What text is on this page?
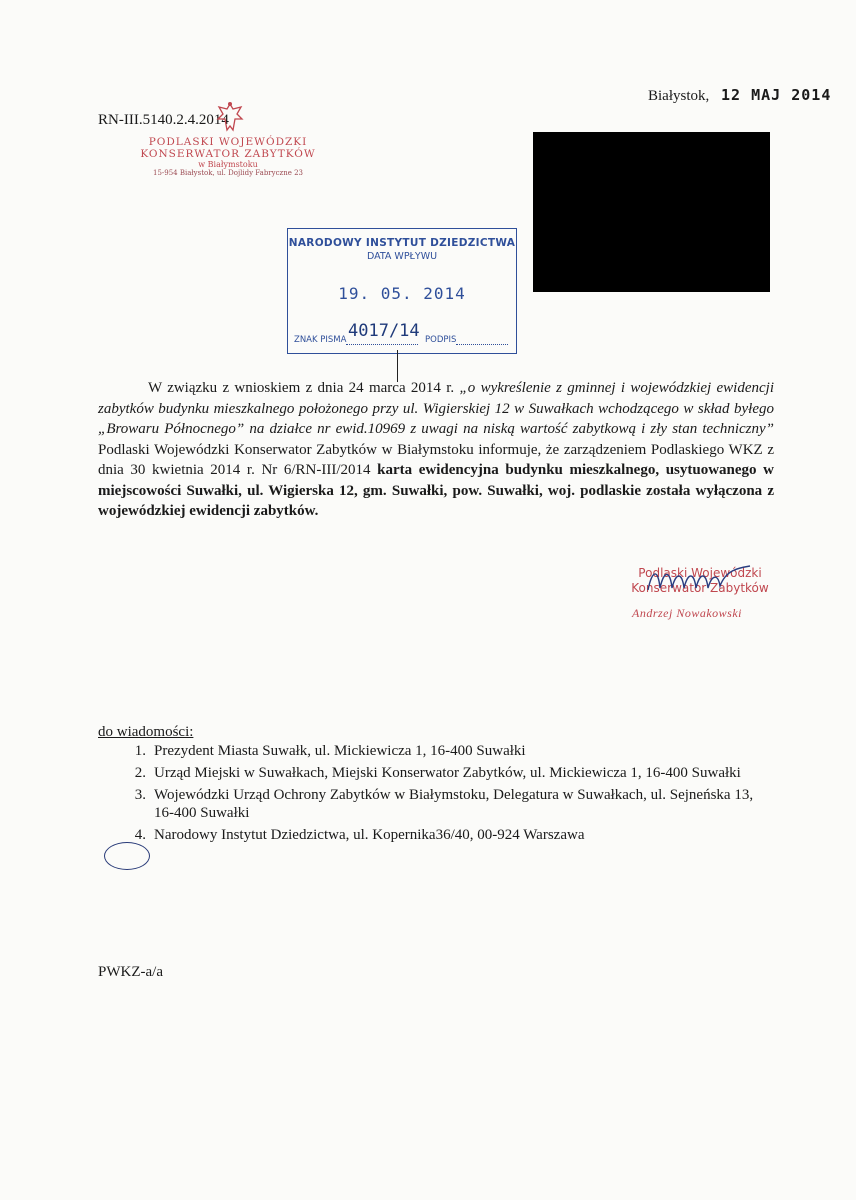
Białystok, 12 MAJ 2014
RN-III.5140.2.4.2014
PODLASKI WOJEWÓDZKI
KONSERWATOR ZABYTKÓW
w Białymstoku
15-954 Białystok, ul. Dojlidy Fabryczne 23
NARODOWY INSTYTUT DZIEDZICTWA
DATA WPŁYWU
19. 05. 2014
ZNAK PISMA 4017/14 PODPIS
W związku z wnioskiem z dnia 24 marca 2014 r. „o wykreślenie z gminnej i wojewódzkiej ewidencji zabytków budynku mieszkalnego położonego przy ul. Wigierskiej 12 w Suwałkach wchodzącego w skład byłego „Browaru Północnego” na działce nr ewid.10969 z uwagi na niską wartość zabytkową i zły stan techniczny” Podlaski Wojewódzki Konserwator Zabytków w Białymstoku informuje, że zarządzeniem Podlaskiego WKZ z dnia 30 kwietnia 2014 r. Nr 6/RN-III/2014 karta ewidencyjna budynku mieszkalnego, usytuowanego w miejscowości Suwałki, ul. Wigierska 12, gm. Suwałki, pow. Suwałki, woj. podlaskie została wyłączona z wojewódzkiej ewidencji zabytków.
Podlaski Wojewódzki
Konserwator Zabytków
Andrzej Nowakowski
do wiadomości:
1. Prezydent Miasta Suwałk, ul. Mickiewicza 1, 16-400 Suwałki
2. Urząd Miejski w Suwałkach, Miejski Konserwator Zabytków, ul. Mickiewicza 1, 16-400 Suwałki
3. Wojewódzki Urząd Ochrony Zabytków w Białymstoku, Delegatura w Suwałkach, ul. Sejneńska 13, 16-400 Suwałki
4. Narodowy Instytut Dziedzictwa, ul. Kopernika36/40, 00-924 Warszawa
PWKZ-a/a
